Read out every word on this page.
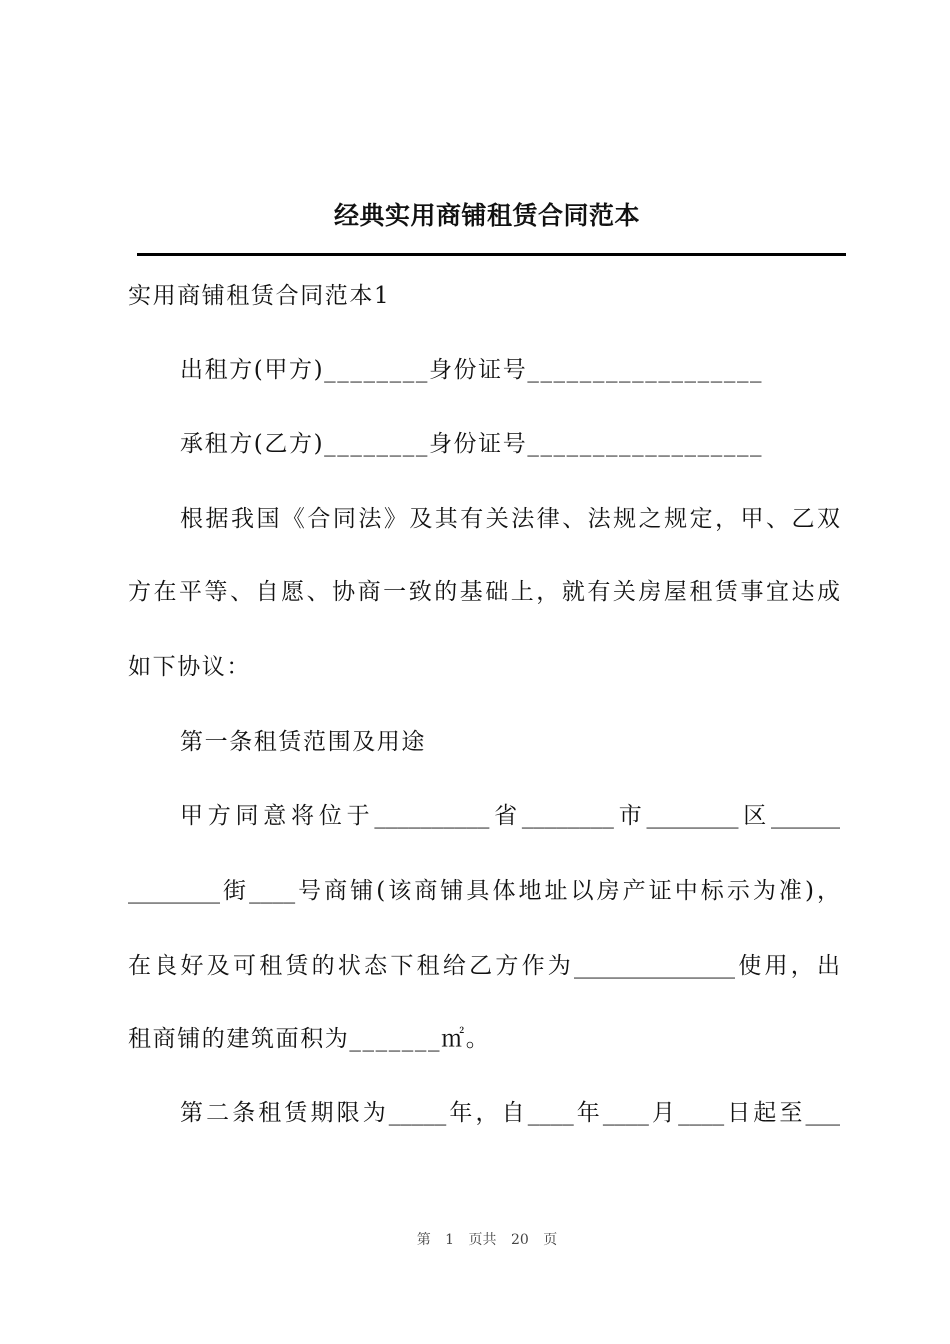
经典实用商铺租赁合同范本
实用商铺租赁合同范本1
出租方(甲方)________身份证号__________________
承租方(乙方)________身份证号__________________
根据我国《合同法》及其有关法律、法规之规定，甲、乙双
方在平等、自愿、协商一致的基础上，就有关房屋租赁事宜达成
如下协议：
第一条租赁范围及用途
甲方同意将位于__________省________市________区______
________街____号商铺(该商铺具体地址以房产证中标示为准)，
在良好及可租赁的状态下租给乙方作为______________使用，出
租商铺的建筑面积为_______㎡。
第二条租赁期限为_____年，自____年____月____日起至___
第 1 页共 20 页
